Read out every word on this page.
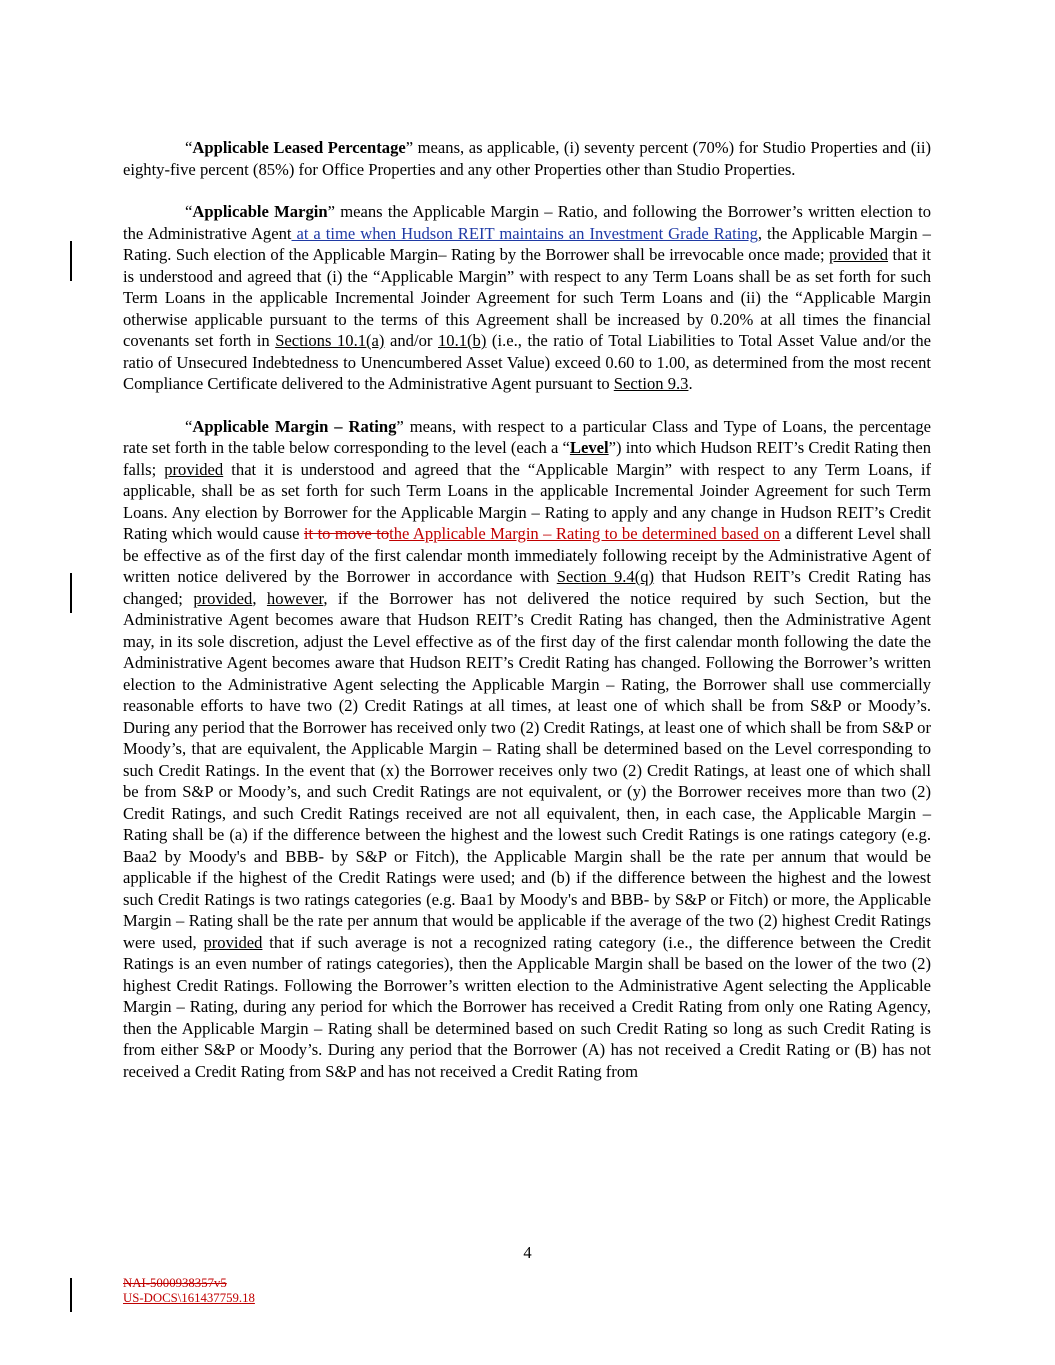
“Applicable Leased Percentage” means, as applicable, (i) seventy percent (70%) for Studio Properties and (ii) eighty-five percent (85%) for Office Properties and any other Properties other than Studio Properties.

“Applicable Margin” means the Applicable Margin – Ratio, and following the Borrower’s written election to the Administrative Agent at a time when Hudson REIT maintains an Investment Grade Rating, the Applicable Margin – Rating. Such election of the Applicable Margin– Rating by the Borrower shall be irrevocable once made; provided that it is understood and agreed that (i) the “Applicable Margin” with respect to any Term Loans shall be as set forth for such Term Loans in the applicable Incremental Joinder Agreement for such Term Loans and (ii) the “Applicable Margin otherwise applicable pursuant to the terms of this Agreement shall be increased by 0.20% at all times the financial covenants set forth in Sections 10.1(a) and/or 10.1(b) (i.e., the ratio of Total Liabilities to Total Asset Value and/or the ratio of Unsecured Indebtedness to Unencumbered Asset Value) exceed 0.60 to 1.00, as determined from the most recent Compliance Certificate delivered to the Administrative Agent pursuant to Section 9.3.

“Applicable Margin – Rating” means, with respect to a particular Class and Type of Loans, the percentage rate set forth in the table below corresponding to the level (each a “Level”) into which Hudson REIT’s Credit Rating then falls; provided that it is understood and agreed that the “Applicable Margin” with respect to any Term Loans, if applicable, shall be as set forth for such Term Loans in the applicable Incremental Joinder Agreement for such Term Loans. Any election by Borrower for the Applicable Margin – Rating to apply and any change in Hudson REIT’s Credit Rating which would cause it to move tothe Applicable Margin – Rating to be determined based on a different Level shall be effective as of the first day of the first calendar month immediately following receipt by the Administrative Agent of written notice delivered by the Borrower in accordance with Section 9.4(q) that Hudson REIT’s Credit Rating has changed; provided, however, if the Borrower has not delivered the notice required by such Section, but the Administrative Agent becomes aware that Hudson REIT’s Credit Rating has changed, then the Administrative Agent may, in its sole discretion, adjust the Level effective as of the first day of the first calendar month following the date the Administrative Agent becomes aware that Hudson REIT’s Credit Rating has changed. Following the Borrower’s written election to the Administrative Agent selecting the Applicable Margin – Rating, the Borrower shall use commercially reasonable efforts to have two (2) Credit Ratings at all times, at least one of which shall be from S&P or Moody’s. During any period that the Borrower has received only two (2) Credit Ratings, at least one of which shall be from S&P or Moody’s, that are equivalent, the Applicable Margin – Rating shall be determined based on the Level corresponding to such Credit Ratings. In the event that (x) the Borrower receives only two (2) Credit Ratings, at least one of which shall be from S&P or Moody’s, and such Credit Ratings are not equivalent, or (y) the Borrower receives more than two (2) Credit Ratings, and such Credit Ratings received are not all equivalent, then, in each case, the Applicable Margin – Rating shall be (a) if the difference between the highest and the lowest such Credit Ratings is one ratings category (e.g. Baa2 by Moody's and BBB- by S&P or Fitch), the Applicable Margin shall be the rate per annum that would be applicable if the highest of the Credit Ratings were used; and (b) if the difference between the highest and the lowest such Credit Ratings is two ratings categories (e.g. Baa1 by Moody's and BBB- by S&P or Fitch) or more, the Applicable Margin – Rating shall be the rate per annum that would be applicable if the average of the two (2) highest Credit Ratings were used, provided that if such average is not a recognized rating category (i.e., the difference between the Credit Ratings is an even number of ratings categories), then the Applicable Margin shall be based on the lower of the two (2) highest Credit Ratings. Following the Borrower’s written election to the Administrative Agent selecting the Applicable Margin – Rating, during any period for which the Borrower has received a Credit Rating from only one Rating Agency, then the Applicable Margin – Rating shall be determined based on such Credit Rating so long as such Credit Rating is from either S&P or Moody’s. During any period that the Borrower (A) has not received a Credit Rating or (B) has not received a Credit Rating from S&P and has not received a Credit Rating from

4
NAI-5000938357v5
US-DOCS\161437759.18
